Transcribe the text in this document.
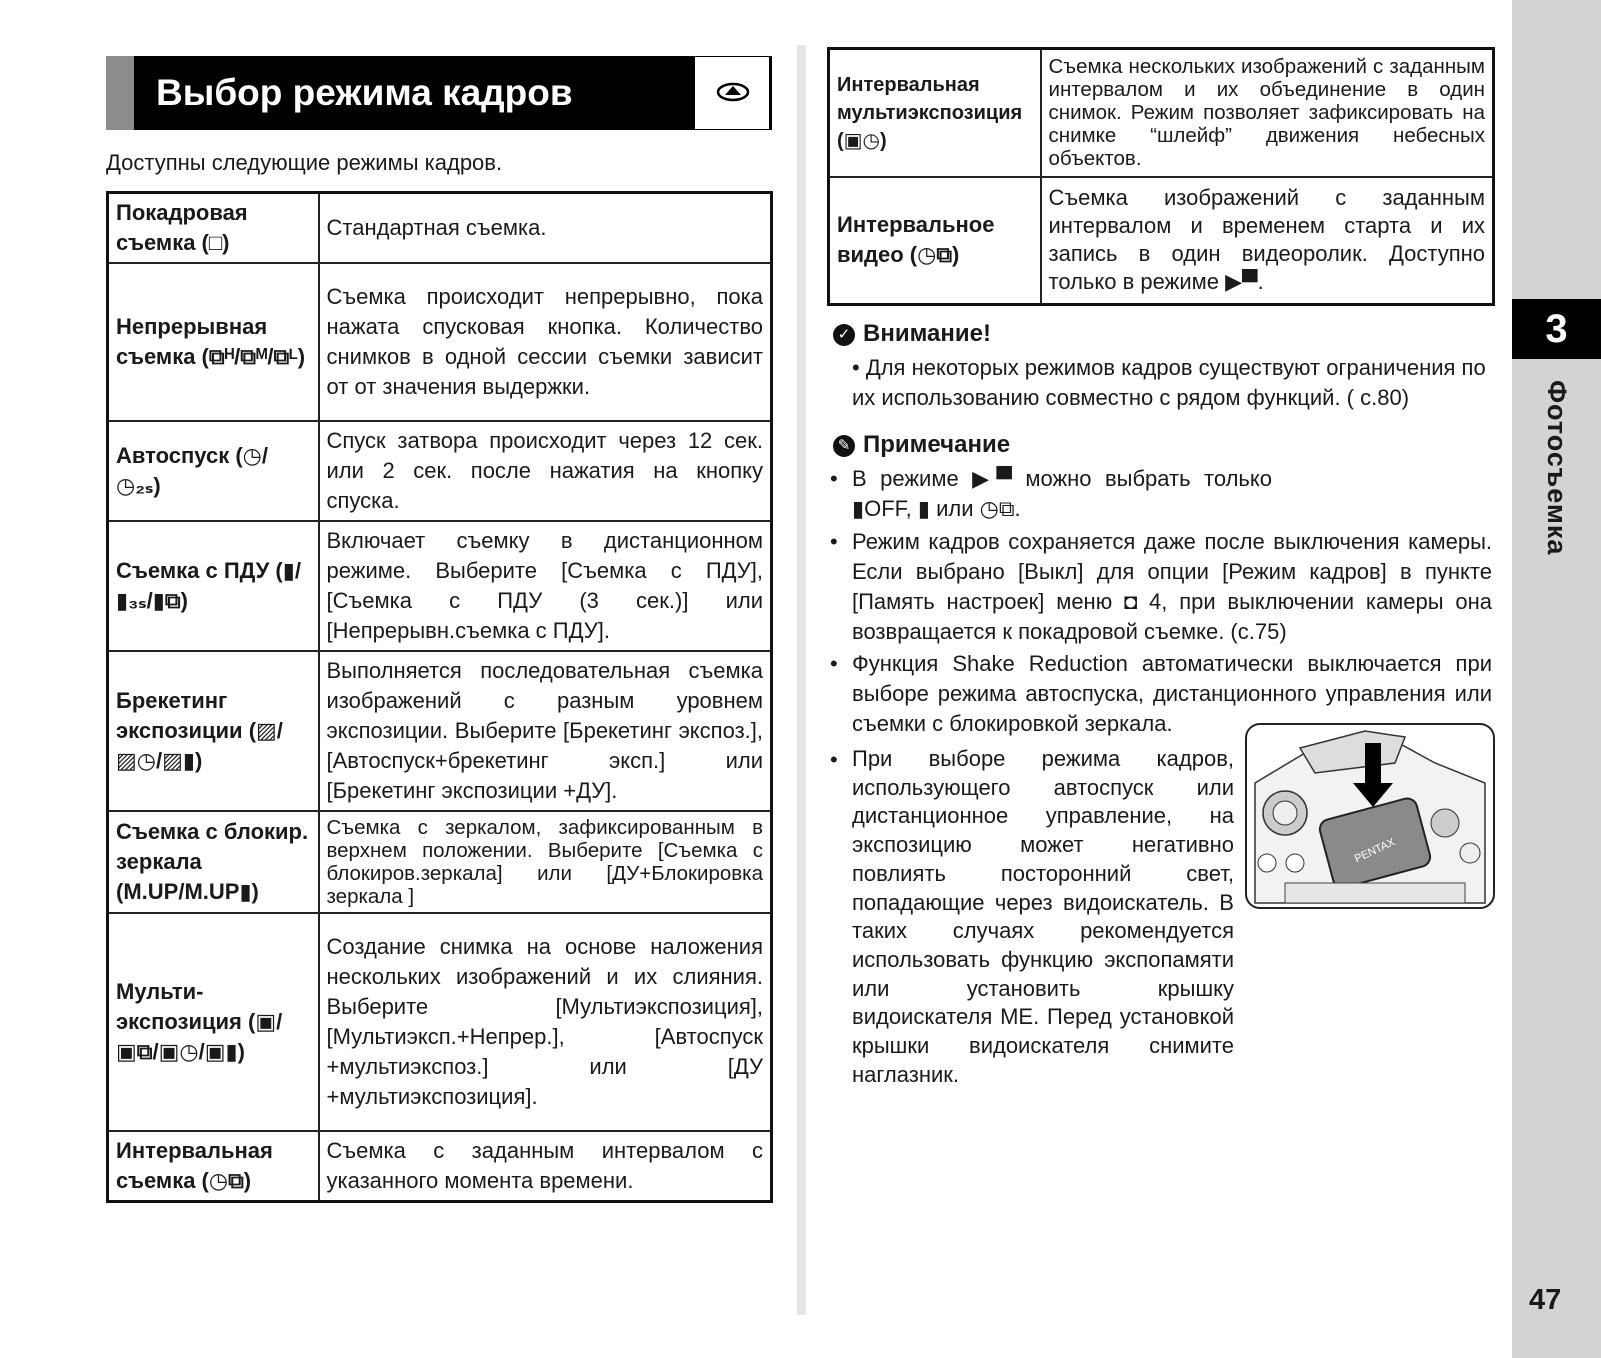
Выбор режима кадров
Доступны следующие режимы кадров.
Покадровая съемка (□)	Стандартная съемка.
Непрерывная съемка (⧉ᴴ/⧉ᴹ/⧉ᴸ)	Съемка происходит непрерывно, пока нажата спусковая кнопка. Количество снимков в одной сессии съемки зависит от от значения выдержки.
Автоспуск (◷/◷₂ₛ)	Спуск затвора происходит через 12 сек. или 2 сек. после нажатия на кнопку спуска.
Съемка с ПДУ (▮/▮₃ₛ/▮⧉)	Включает съемку в дистанционном режиме. Выберите [Съемка с ПДУ], [Съемка с ПДУ (3 сек.)] или [Непрерывн.съемка с ПДУ].
Брекетинг экспозиции (▨/▨◷/▨▮)	Выполняется последовательная съемка изображений с разным уровнем экспозиции. Выберите [Брекетинг экспоз.], [Автоспуск+брекетинг эксп.] или [Брекетинг экспозиции +ДУ].
Съемка с блокир. зеркала (M.UP/M.UP▮)	Съемка с зеркалом, зафиксированным в верхнем положении. Выберите [Съемка с блокиров.зеркала] или [ДУ+Блокировка зеркала ]
Мульти-экспозиция (▣/▣⧉/▣◷/▣▮)	Создание снимка на основе наложения нескольких изображений и их слияния. Выберите [Мультиэкспозиция], [Мультиэксп.+Непрер.], [Автоспуск +мультиэкспоз.] или [ДУ +мультиэкспозиция].
Интервальная съемка (◷⧉)	Съемка с заданным интервалом с указанного момента времени.
Интервальная мультиэкспозиция (▣◷)	Съемка нескольких изображений с заданным интервалом и их объединение в один снимок. Режим позволяет зафиксировать на снимке “шлейф” движения небесных объектов.
Интервальное видео (◷⧉)	Съемка изображений с заданным интервалом и временем старта и их запись в один видеоролик. Доступно только в режиме ▶▀.
✓ Внимание!
• Для некоторых режимов кадров существуют ограничения по их использованию совместно с рядом функций. ( с.80)
✎ Примечание
• В режиме ▶▀ можно выбрать только ▮OFF, ▮ или ◷⧉.
• Режим кадров сохраняется даже после выключения камеры. Если выбрано [Выкл] для опции [Режим кадров] в пункте [Память настроек] меню ◘ 4, при выключении камеры она возвращается к покадровой съемке. (с.75)
• Функция Shake Reduction автоматически выключается при выборе режима автоспуска, дистанционного управления или съемки с блокировкой зеркала.
• При выборе режима кадров, использующего автоспуск или дистанционное управление, на экспозицию может негативно повлиять посторонний свет, попадающие через видоискатель. В таких случаях рекомендуется использовать функцию экспопамяти или установить крышку видоискателя МЕ. Перед установкой крышки видоискателя снимите наглазник.
PENTAX
3
Фотосъемка
47
